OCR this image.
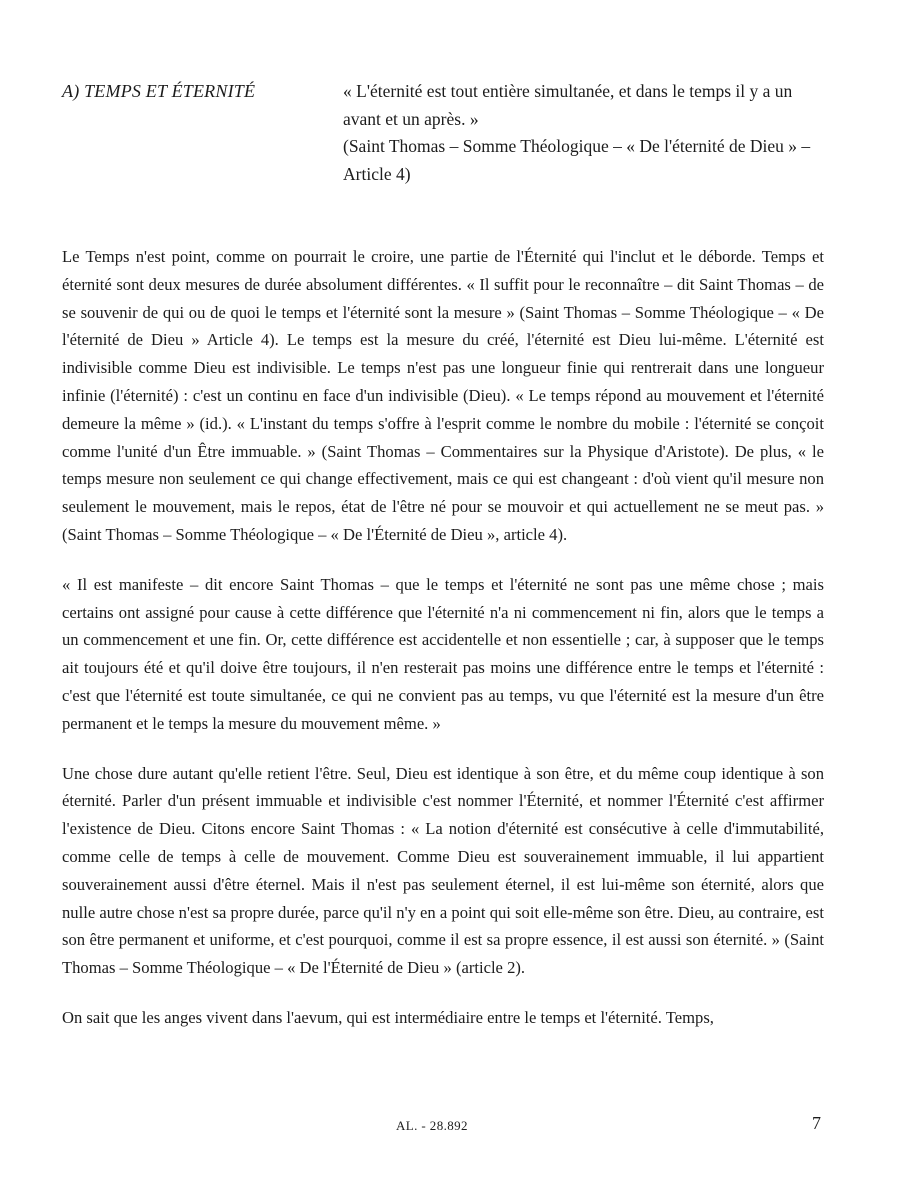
A) TEMPS ET ÉTERNITÉ	« L'éternité est tout entière simultanée, et dans le temps il y a un avant et un après. »

(Saint Thomas – Somme Théologique – « De l'éternité de Dieu » – Article 4)

Le Temps n'est point, comme on pourrait le croire, une partie de l'Éternité qui l'inclut et le déborde. Temps et éternité sont deux mesures de durée absolument différentes. « Il suffit pour le reconnaître – dit Saint Thomas – de se souvenir de qui ou de quoi le temps et l'éternité sont la mesure » (Saint Thomas – Somme Théologique – « De l'éternité de Dieu » Article 4). Le temps est la mesure du créé, l'éternité est Dieu lui-même. L'éternité est indivisible comme Dieu est indivisible. Le temps n'est pas une longueur finie qui rentrerait dans une longueur infinie (l'éternité) : c'est un continu en face d'un indivisible (Dieu). « Le temps répond au mouvement et l'éternité demeure la même » (id.). « L'instant du temps s'offre à l'esprit comme le nombre du mobile : l'éternité se conçoit comme l'unité d'un Être immuable. » (Saint Thomas – Commentaires sur la Physique d'Aristote). De plus, « le temps mesure non seulement ce qui change effectivement, mais ce qui est changeant : d'où vient qu'il mesure non seulement le mouvement, mais le repos, état de l'être né pour se mouvoir et qui actuellement ne se meut pas. » (Saint Thomas – Somme Théologique – « De l'Éternité de Dieu », article 4).

« Il est manifeste – dit encore Saint Thomas – que le temps et l'éternité ne sont pas une même chose ; mais certains ont assigné pour cause à cette différence que l'éternité n'a ni commencement ni fin, alors que le temps a un commencement et une fin. Or, cette différence est accidentelle et non essentielle ; car, à supposer que le temps ait toujours été et qu'il doive être toujours, il n'en resterait pas moins une différence entre le temps et l'éternité : c'est que l'éternité est toute simultanée, ce qui ne convient pas au temps, vu que l'éternité est la mesure d'un être permanent et le temps la mesure du mouvement même. »

Une chose dure autant qu'elle retient l'être. Seul, Dieu est identique à son être, et du même coup identique à son éternité. Parler d'un présent immuable et indivisible c'est nommer l'Éternité, et nommer l'Éternité c'est affirmer l'existence de Dieu. Citons encore Saint Thomas : « La notion d'éternité est consécutive à celle d'immutabilité, comme celle de temps à celle de mouvement. Comme Dieu est souverainement immuable, il lui appartient souverainement aussi d'être éternel. Mais il n'est pas seulement éternel, il est lui-même son éternité, alors que nulle autre chose n'est sa propre durée, parce qu'il n'y en a point qui soit elle-même son être. Dieu, au contraire, est son être permanent et uniforme, et c'est pourquoi, comme il est sa propre essence, il est aussi son éternité. » (Saint Thomas – Somme Théologique – « De l'Éternité de Dieu » (article 2).

On sait que les anges vivent dans l'aevum, qui est intermédiaire entre le temps et l'éternité. Temps,

AL. - 28.892	7
